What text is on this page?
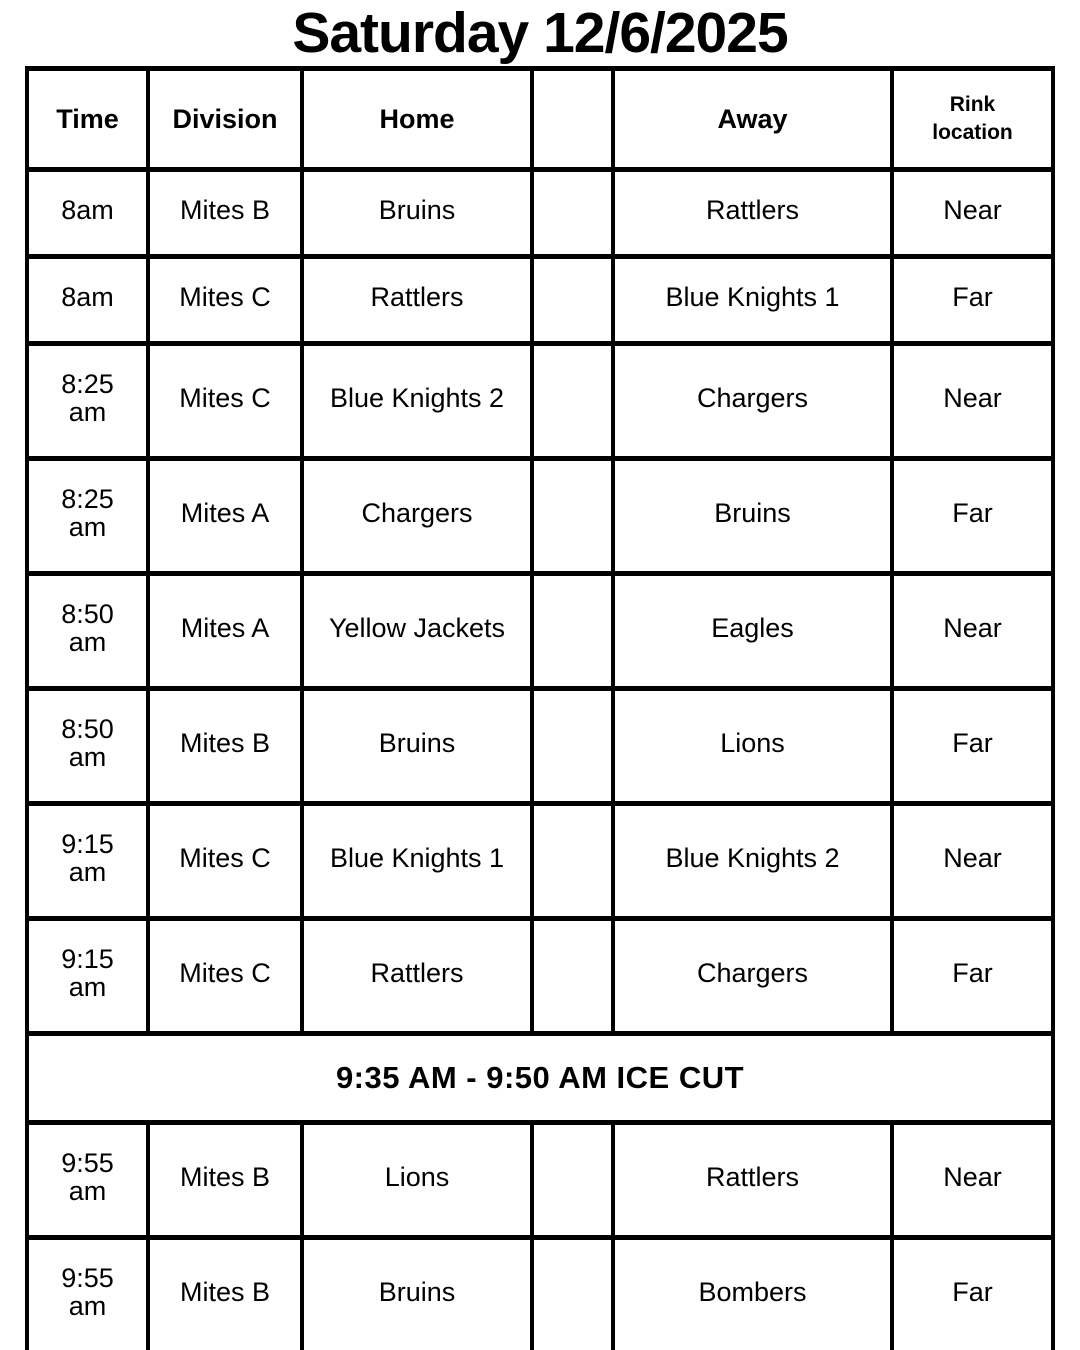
Saturday 12/6/2025
Time	Division	Home		Away	Rink location
8am	Mites B	Bruins		Rattlers	Near
8am	Mites C	Rattlers		Blue Knights 1	Far
8:25 am	Mites C	Blue Knights 2		Chargers	Near
8:25 am	Mites A	Chargers		Bruins	Far
8:50 am	Mites A	Yellow Jackets		Eagles	Near
8:50 am	Mites B	Bruins		Lions	Far
9:15 am	Mites C	Blue Knights 1		Blue Knights 2	Near
9:15 am	Mites C	Rattlers		Chargers	Far
9:35 AM - 9:50 AM ICE CUT					
9:55 am	Mites B	Lions		Rattlers	Near
9:55 am	Mites B	Bruins		Bombers	Far
